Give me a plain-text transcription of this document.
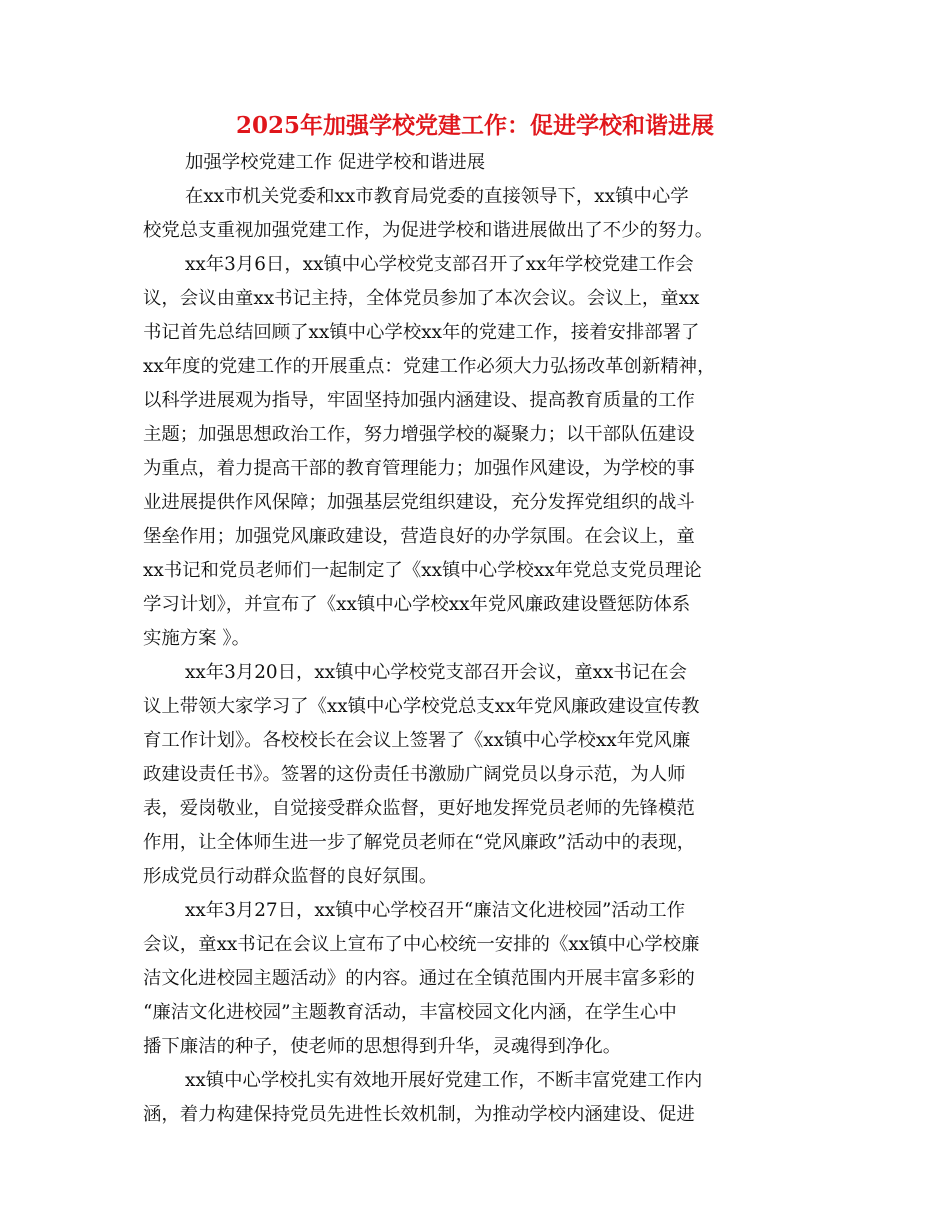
2025年加强学校党建工作：促进学校和谐进展
加强学校党建工作 促进学校和谐进展
在xx市机关党委和xx市教育局党委的直接领导下，xx镇中心学
校党总支重视加强党建工作，为促进学校和谐进展做出了不少的努力。
xx年3月6日，xx镇中心学校党支部召开了xx年学校党建工作会
议，会议由童xx书记主持，全体党员参加了本次会议。会议上，童xx
书记首先总结回顾了xx镇中心学校xx年的党建工作，接着安排部署了
xx年度的党建工作的开展重点：党建工作必须大力弘扬改革创新精神，
以科学进展观为指导，牢固坚持加强内涵建设、提高教育质量的工作
主题；加强思想政治工作，努力增强学校的凝聚力；以干部队伍建设
为重点，着力提高干部的教育管理能力；加强作风建设，为学校的事
业进展提供作风保障；加强基层党组织建设，充分发挥党组织的战斗
堡垒作用；加强党风廉政建设，营造良好的办学氛围。在会议上，童
xx书记和党员老师们一起制定了《xx镇中心学校xx年党总支党员理论
学习计划》，并宣布了《xx镇中心学校xx年党风廉政建设暨惩防体系
实施方案 》。
xx年3月20日，xx镇中心学校党支部召开会议，童xx书记在会
议上带领大家学习了《xx镇中心学校党总支xx年党风廉政建设宣传教
育工作计划》。各校校长在会议上签署了《xx镇中心学校xx年党风廉
政建设责任书》。签署的这份责任书激励广阔党员以身示范，为人师
表，爱岗敬业，自觉接受群众监督，更好地发挥党员老师的先锋模范
作用，让全体师生进一步了解党员老师在“党风廉政”活动中的表现，
形成党员行动群众监督的良好氛围。
xx年3月27日，xx镇中心学校召开“廉洁文化进校园”活动工作
会议，童xx书记在会议上宣布了中心校统一安排的《xx镇中心学校廉
洁文化进校园主题活动》的内容。通过在全镇范围内开展丰富多彩的
“廉洁文化进校园”主题教育活动，丰富校园文化内涵，在学生心中
播下廉洁的种子，使老师的思想得到升华，灵魂得到净化。
xx镇中心学校扎实有效地开展好党建工作，不断丰富党建工作内
涵，着力构建保持党员先进性长效机制，为推动学校内涵建设、促进
